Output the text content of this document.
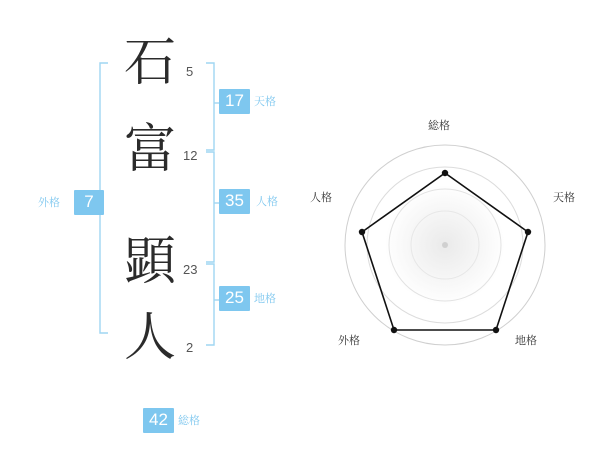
石 5
富 12
顕 23
人 2
外格	7
17 天格
35	人格
25 地格
42 総格
総格
天格
地格
外格
人格
